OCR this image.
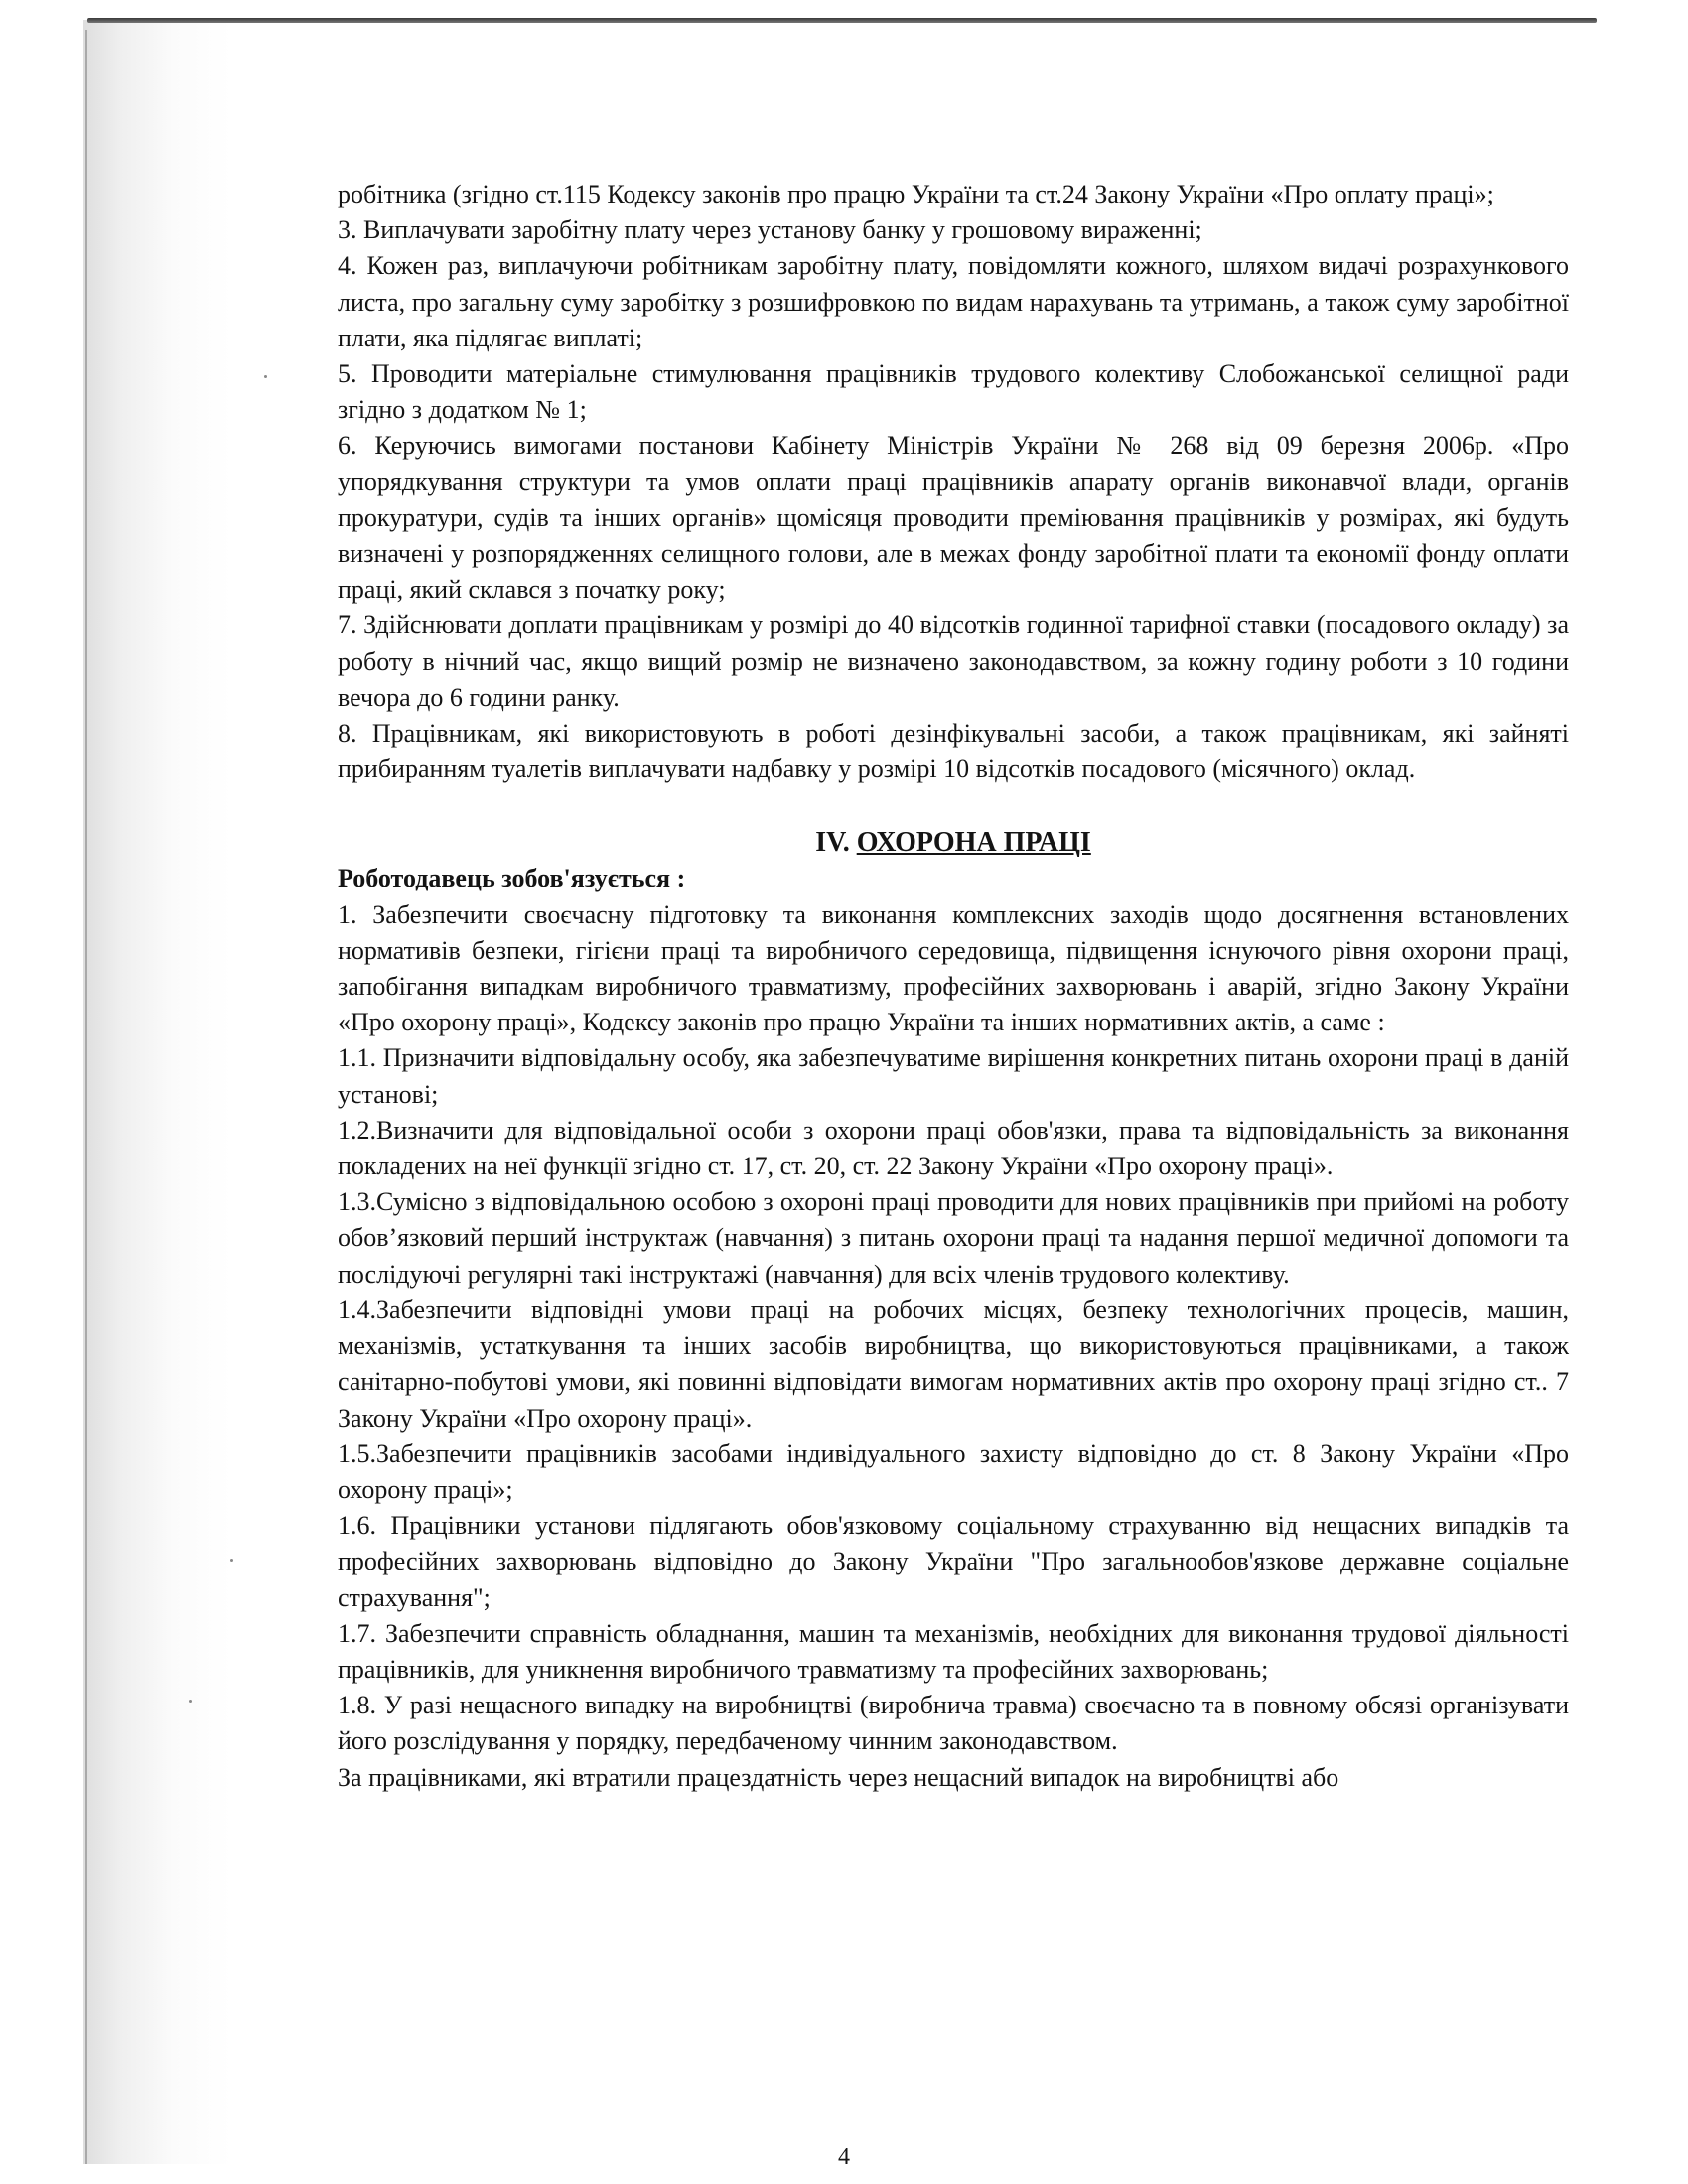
робітника (згідно ст.115 Кодексу законів про працю України та ст.24 Закону України «Про оплату праці»;

3. Виплачувати заробітну плату через установу банку у грошовому вираженні;

4. Кожен раз, виплачуючи робітникам заробітну плату, повідомляти кожного, шляхом видачі розрахункового листа, про загальну суму заробітку з розшифровкою по видам нарахувань та утримань, а також суму заробітної плати, яка підлягає виплаті;

5. Проводити матеріальне стимулювання працівників трудового колективу Слобожанської селищної ради згідно з додатком № 1;

6. Керуючись вимогами постанови Кабінету Міністрів України № 268 від 09 березня 2006р. «Про упорядкування структури та умов оплати праці працівників апарату органів виконавчої влади, органів прокуратури, судів та інших органів» щомісяця проводити преміювання працівників у розмірах, які будуть визначені у розпорядженнях селищного голови, але в межах фонду заробітної плати та економії фонду оплати праці, який склався з початку року;

7. Здійснювати доплати працівникам у розмірі до 40 відсотків годинної тарифної ставки (посадового окладу) за роботу в нічний час, якщо вищий розмір не визначено законодавством, за кожну годину роботи з 10 години вечора до 6 години ранку.

8. Працівникам, які використовують в роботі дезінфікувальні засоби, а також працівникам, які зайняті прибиранням туалетів виплачувати надбавку у розмірі 10 відсотків посадового (місячного) оклад.

IV. ОХОРОНА ПРАЦІ

Роботодавець зобов'язується :

1. Забезпечити своєчасну підготовку та виконання комплексних заходів щодо досягнення встановлених нормативів безпеки, гігієни праці та виробничого середовища, підвищення існуючого рівня охорони праці, запобігання випадкам виробничого травматизму, професійних захворювань і аварій, згідно Закону України «Про охорону праці», Кодексу законів про працю України та інших нормативних актів, а саме :

1.1. Призначити відповідальну особу, яка забезпечуватиме вирішення конкретних питань охорони праці в даній установі;

1.2.Визначити для відповідальної особи з охорони праці обов'язки, права та відповідальність за виконання покладених на неї функції згідно ст. 17, ст. 20, ст. 22 Закону України «Про охорону праці».

1.3.Сумісно з відповідальною особою з охороні праці проводити для нових працівників при прийомі на роботу обов’язковий перший інструктаж (навчання) з питань охорони праці та надання першої медичної допомоги та послідуючі регулярні такі інструктажі (навчання) для всіх членів трудового колективу.

1.4.Забезпечити відповідні умови праці на робочих місцях, безпеку технологічних процесів, машин, механізмів, устаткування та інших засобів виробництва, що використовуються працівниками, а також санітарно-побутові умови, які повинні відповідати вимогам нормативних актів про охорону праці згідно ст.. 7 Закону України «Про охорону праці».

1.5.Забезпечити працівників засобами індивідуального захисту відповідно до ст. 8 Закону України «Про охорону праці»;

1.6. Працівники установи підлягають обов'язковому соціальному страхуванню від нещасних випадків та професійних захворювань відповідно до Закону України "Про загальнообов'язкове державне соціальне страхування";

1.7. Забезпечити справність обладнання, машин та механізмів, необхідних для виконання трудової діяльності працівників, для уникнення виробничого травматизму та професійних захворювань;

1.8. У разі нещасного випадку на виробництві (виробнича травма) своєчасно та в повному обсязі організувати його розслідування у порядку, передбаченому чинним законодавством.

За працівниками, які втратили працездатність через нещасний випадок на виробництві або

4
